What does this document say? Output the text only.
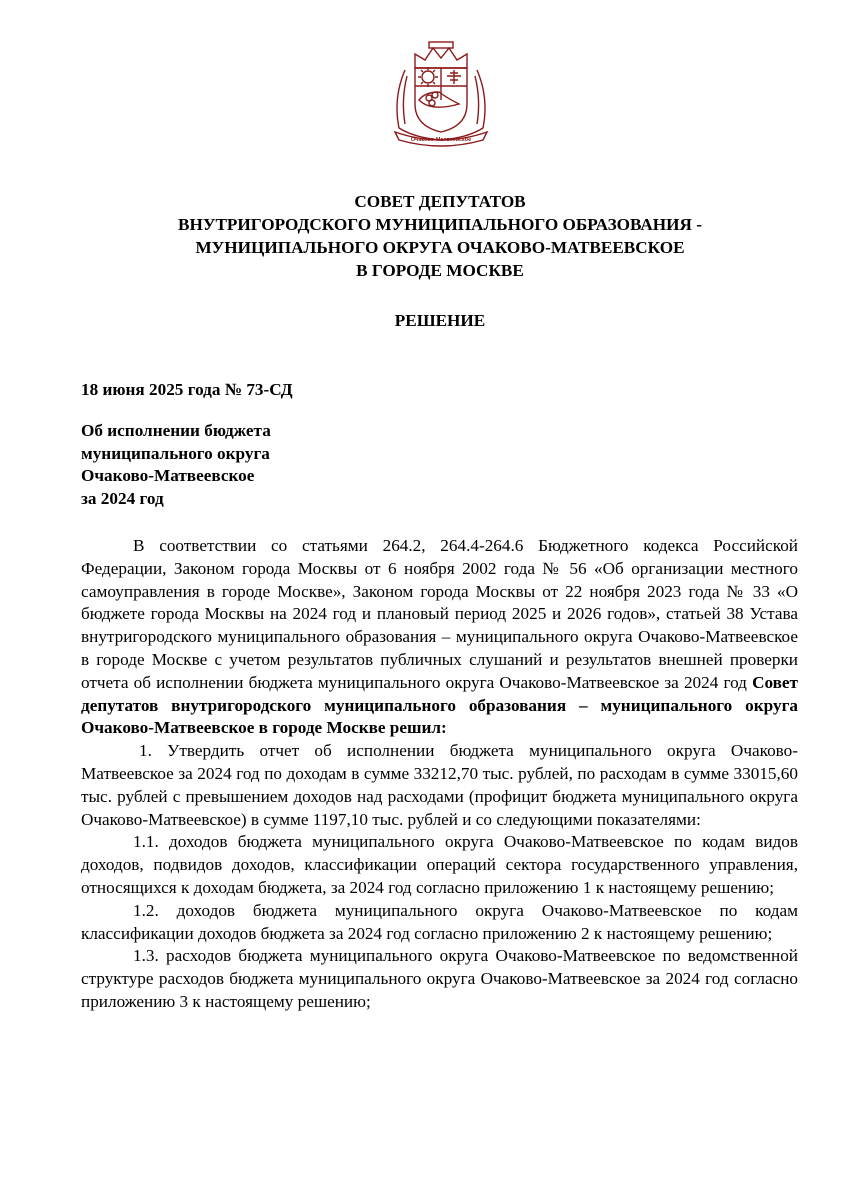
Очаково-Матвеевское
СОВЕТ ДЕПУТАТОВ
ВНУТРИГОРОДСКОГО МУНИЦИПАЛЬНОГО ОБРАЗОВАНИЯ -
МУНИЦИПАЛЬНОГО ОКРУГА ОЧАКОВО-МАТВЕЕВСКОЕ
В ГОРОДЕ МОСКВЕ
РЕШЕНИЕ
18 июня 2025 года № 73-СД
Об исполнении бюджета
муниципального округа
Очаково-Матвеевское
за 2024 год
В соответствии со статьями 264.2, 264.4-264.6 Бюджетного кодекса Российской Федерации, Законом города Москвы от 6 ноября 2002 года № 56 «Об организации местного самоуправления в городе Москве», Законом города Москвы от 22 ноября 2023 года № 33 «О бюджете города Москвы на 2024 год и плановый период 2025 и 2026 годов», статьей 38 Устава внутригородского муниципального образования – муниципального округа Очаково-Матвеевское в городе Москве с учетом результатов публичных слушаний и результатов внешней проверки отчета об исполнении бюджета муниципального округа Очаково-Матвеевское за 2024 год Совет депутатов внутригородского муниципального образования – муниципального округа Очаково-Матвеевское в городе Москве решил:
1. Утвердить отчет об исполнении бюджета муниципального округа Очаково-Матвеевское за 2024 год по доходам в сумме 33212,70 тыс. рублей, по расходам в сумме 33015,60 тыс. рублей с превышением доходов над расходами (профицит бюджета муниципального округа Очаково-Матвеевское) в сумме 1197,10 тыс. рублей и со следующими показателями:
1.1. доходов бюджета муниципального округа Очаково-Матвеевское по кодам видов доходов, подвидов доходов, классификации операций сектора государственного управления, относящихся к доходам бюджета, за 2024 год согласно приложению 1 к настоящему решению;
1.2. доходов бюджета муниципального округа Очаково-Матвеевское по кодам классификации доходов бюджета за 2024 год согласно приложению 2 к настоящему решению;
1.3. расходов бюджета муниципального округа Очаково-Матвеевское по ведомственной структуре расходов бюджета муниципального округа Очаково-Матвеевское за 2024 год согласно приложению 3 к настоящему решению;
